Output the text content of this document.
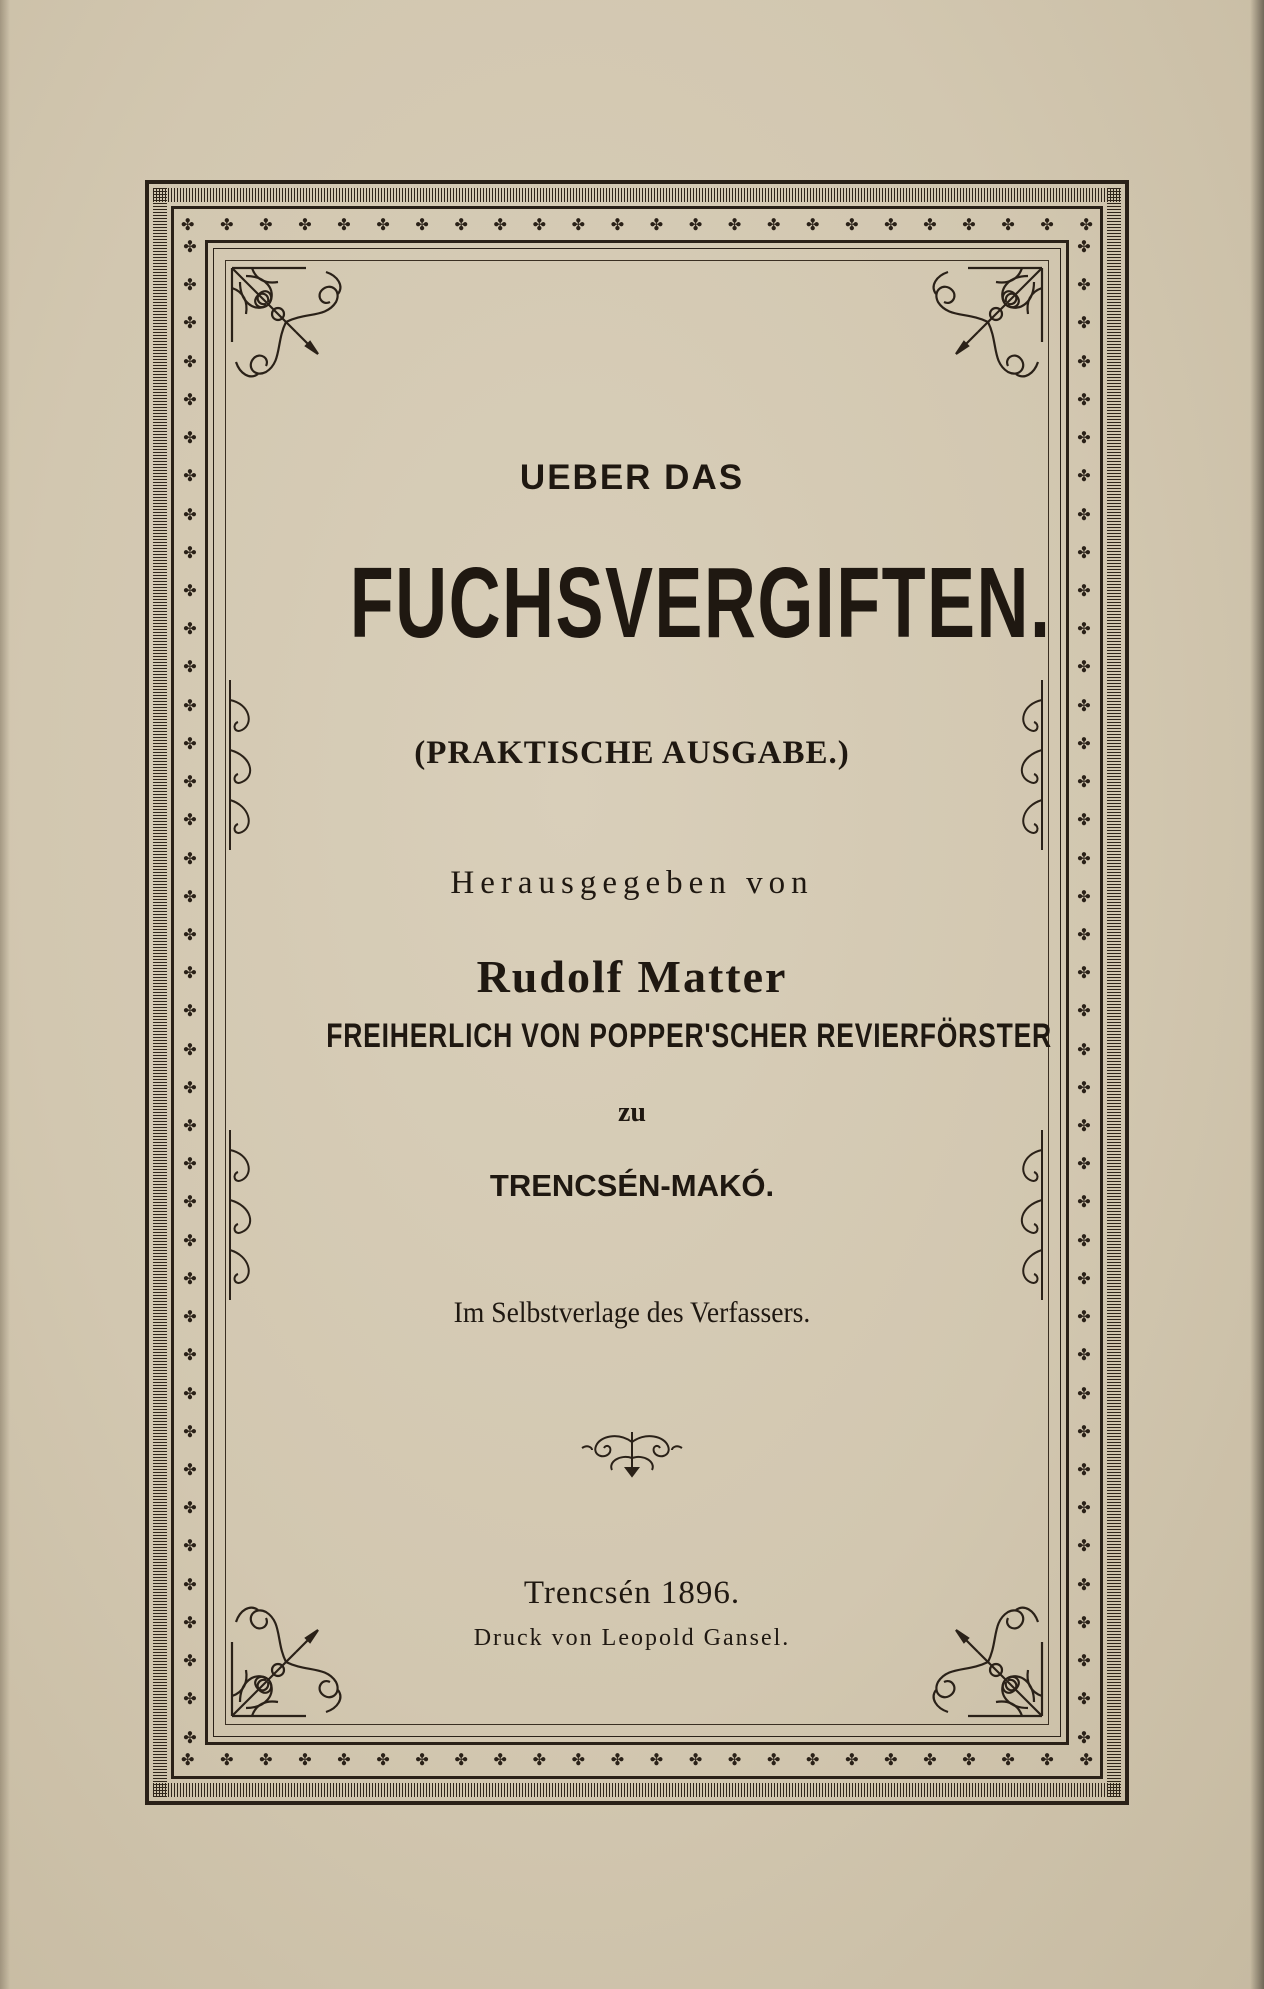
✤ ✤ ✤ ✤ ✤ ✤ ✤ ✤ ✤ ✤ ✤ ✤ ✤ ✤ ✤ ✤ ✤ ✤ ✤ ✤ ✤ ✤ ✤ ✤
✤ ✤ ✤ ✤ ✤ ✤ ✤ ✤ ✤ ✤ ✤ ✤ ✤ ✤ ✤ ✤ ✤ ✤ ✤ ✤ ✤ ✤ ✤ ✤
✤
✤
✤
✤
✤
✤
✤
✤
✤
✤
✤
✤
✤
✤
✤
✤
✤
✤
✤
✤
✤
✤
✤
✤
✤
✤
✤
✤
✤
✤
✤
✤
✤
✤
✤
✤
✤
✤
✤
✤
✤
✤
✤
✤
✤
✤
✤
✤
✤
✤
✤
✤
✤
✤
✤
✤
✤
✤
✤
✤
✤
✤
✤
✤
✤
✤
✤
✤
✤
✤
✤
✤
✤
✤
✤
✤
✤
✤
✤
✤
UEBER DAS
FUCHSVERGIFTEN.
(PRAKTISCHE AUSGABE.)
Herausgegeben von
Rudolf Matter
FREIHERLICH VON POPPER'SCHER REVIERFÖRSTER
zu
TRENCSÉN-MAKÓ.
Im Selbstverlage des Verfassers.
Trencsén 1896.
Druck von Leopold Gansel.
